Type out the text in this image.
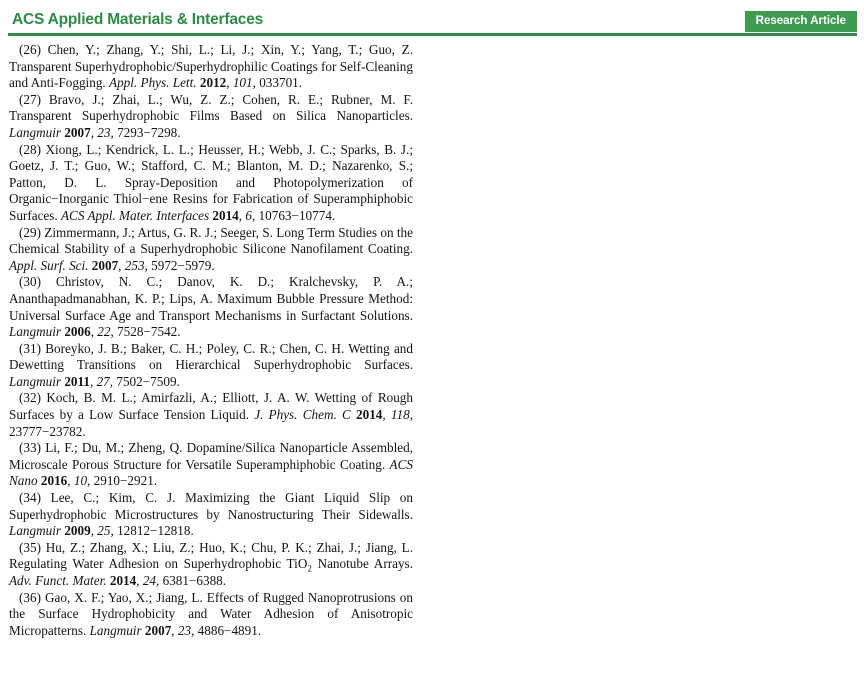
ACS Applied Materials & Interfaces	Research Article

(26) Chen, Y.; Zhang, Y.; Shi, L.; Li, J.; Xin, Y.; Yang, T.; Guo, Z. Transparent Superhydrophobic/Superhydrophilic Coatings for Self-Cleaning and Anti-Fogging. Appl. Phys. Lett. 2012, 101, 033701.

(27) Bravo, J.; Zhai, L.; Wu, Z. Z.; Cohen, R. E.; Rubner, M. F. Transparent Superhydrophobic Films Based on Silica Nanoparticles. Langmuir 2007, 23, 7293−7298.

(28) Xiong, L.; Kendrick, L. L.; Heusser, H.; Webb, J. C.; Sparks, B. J.; Goetz, J. T.; Guo, W.; Stafford, C. M.; Blanton, M. D.; Nazarenko, S.; Patton, D. L. Spray-Deposition and Photopolymerization of Organic−Inorganic Thiol−ene Resins for Fabrication of Superamphiphobic Surfaces. ACS Appl. Mater. Interfaces 2014, 6, 10763−10774.

(29) Zimmermann, J.; Artus, G. R. J.; Seeger, S. Long Term Studies on the Chemical Stability of a Superhydrophobic Silicone Nanofilament Coating. Appl. Surf. Sci. 2007, 253, 5972−5979.

(30) Christov, N. C.; Danov, K. D.; Kralchevsky, P. A.; Ananthapadmanabhan, K. P.; Lips, A. Maximum Bubble Pressure Method: Universal Surface Age and Transport Mechanisms in Surfactant Solutions. Langmuir 2006, 22, 7528−7542.

(31) Boreyko, J. B.; Baker, C. H.; Poley, C. R.; Chen, C. H. Wetting and Dewetting Transitions on Hierarchical Superhydrophobic Surfaces. Langmuir 2011, 27, 7502−7509.

(32) Koch, B. M. L.; Amirfazli, A.; Elliott, J. A. W. Wetting of Rough Surfaces by a Low Surface Tension Liquid. J. Phys. Chem. C 2014, 118, 23777−23782.

(33) Li, F.; Du, M.; Zheng, Q. Dopamine/Silica Nanoparticle Assembled, Microscale Porous Structure for Versatile Superamphiphobic Coating. ACS Nano 2016, 10, 2910−2921.

(34) Lee, C.; Kim, C. J. Maximizing the Giant Liquid Slip on Superhydrophobic Microstructures by Nanostructuring Their Sidewalls. Langmuir 2009, 25, 12812−12818.

(35) Hu, Z.; Zhang, X.; Liu, Z.; Huo, K.; Chu, P. K.; Zhai, J.; Jiang, L. Regulating Water Adhesion on Superhydrophobic TiO$_2$ Nanotube Arrays. Adv. Funct. Mater. 2014, 24, 6381−6388.

(36) Gao, X. F.; Yao, X.; Jiang, L. Effects of Rugged Nanoprotrusions on the Surface Hydrophobicity and Water Adhesion of Anisotropic Micropatterns. Langmuir 2007, 23, 4886−4891.
